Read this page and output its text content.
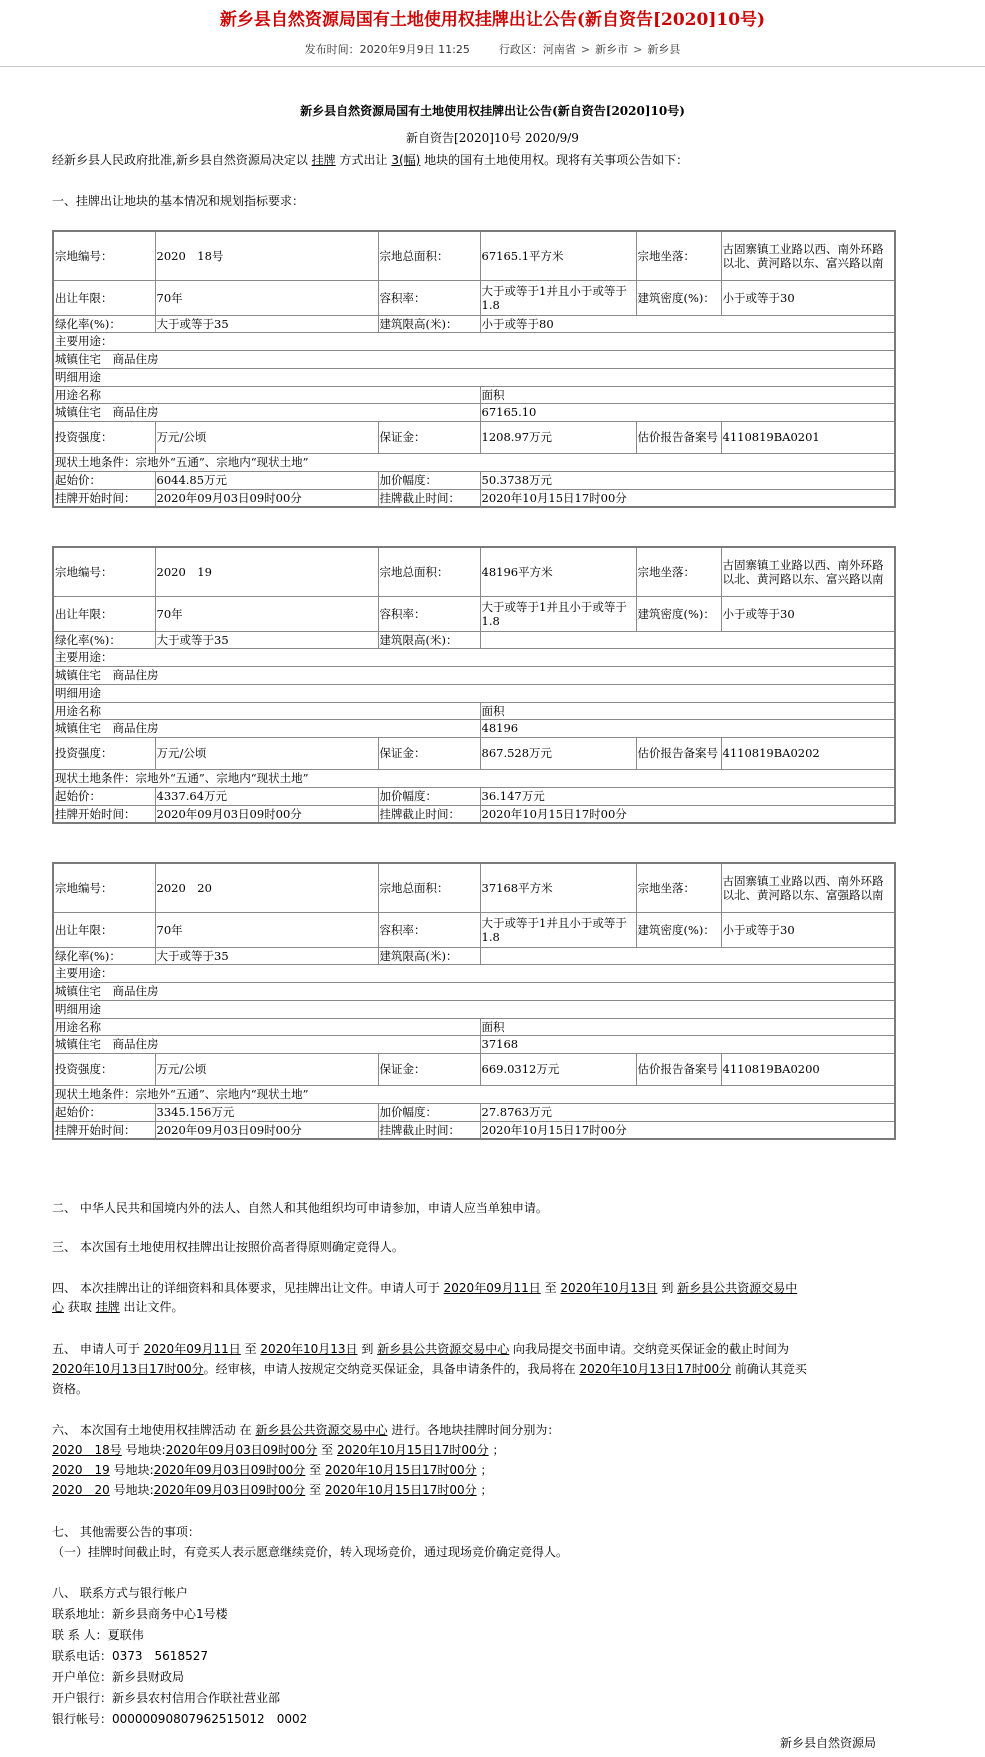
新乡县自然资源局国有土地使用权挂牌出让公告(新自资告[2020]10号)
发布时间：2020年9月9日 11:25	行政区：河南省 > 新乡市 > 新乡县
新乡县自然资源局国有土地使用权挂牌出让公告(新自资告[2020]10号)
新自资告[2020]10号 2020/9/9
经新乡县人民政府批准,新乡县自然资源局决定以 挂牌 方式出让 3(幅) 地块的国有土地使用权。现将有关事项公告如下：
一、挂牌出让地块的基本情况和规划指标要求：
宗地编号：	2020　18号	宗地总面积：	67165.1平方米	宗地坐落：	古固寨镇工业路以西、南外环路以北、黄河路以东、富兴路以南
出让年限：	70年	容积率：	大于或等于1并且小于或等于1.8	建筑密度(%)：	小于或等于30
绿化率(%)：	大于或等于35	建筑限高(米)：	小于或等于80		
主要用途：					
城镇住宅　商品住房					
明细用途					
用途名称			面积		
城镇住宅　商品住房			67165.10		
投资强度：	万元/公顷	保证金：	1208.97万元	估价报告备案号	4110819BA0201
现状土地条件：宗地外“五通”、宗地内“现状土地”					
起始价：	6044.85万元	加价幅度：	50.3738万元		
挂牌开始时间：	2020年09月03日09时00分	挂牌截止时间：	2020年10月15日17时00分		
宗地编号：	2020　19	宗地总面积：	48196平方米	宗地坐落：	古固寨镇工业路以西、南外环路以北、黄河路以东、富兴路以南
出让年限：	70年	容积率：	大于或等于1并且小于或等于1.8	建筑密度(%)：	小于或等于30
绿化率(%)：	大于或等于35	建筑限高(米)：			
主要用途：					
城镇住宅　商品住房					
明细用途					
用途名称			面积		
城镇住宅　商品住房			48196		
投资强度：	万元/公顷	保证金：	867.528万元	估价报告备案号	4110819BA0202
现状土地条件：宗地外“五通”、宗地内“现状土地”					
起始价：	4337.64万元	加价幅度：	36.147万元		
挂牌开始时间：	2020年09月03日09时00分	挂牌截止时间：	2020年10月15日17时00分		
宗地编号：	2020　20	宗地总面积：	37168平方米	宗地坐落：	古固寨镇工业路以西、南外环路以北、黄河路以东、富强路以南
出让年限：	70年	容积率：	大于或等于1并且小于或等于1.8	建筑密度(%)：	小于或等于30
绿化率(%)：	大于或等于35	建筑限高(米)：			
主要用途：					
城镇住宅　商品住房					
明细用途					
用途名称			面积		
城镇住宅　商品住房			37168		
投资强度：	万元/公顷	保证金：	669.0312万元	估价报告备案号	4110819BA0200
现状土地条件：宗地外“五通”、宗地内“现状土地”					
起始价：	3345.156万元	加价幅度：	27.8763万元		
挂牌开始时间：	2020年09月03日09时00分	挂牌截止时间：	2020年10月15日17时00分		
二、 中华人民共和国境内外的法人、自然人和其他组织均可申请参加，申请人应当单独申请。
三、 本次国有土地使用权挂牌出让按照价高者得原则确定竞得人。
四、 本次挂牌出让的详细资料和具体要求，见挂牌出让文件。申请人可于 2020年09月11日 至 2020年10月13日 到 新乡县公共资源交易中
心 获取 挂牌 出让文件。
五、 申请人可于 2020年09月11日 至 2020年10月13日 到 新乡县公共资源交易中心 向我局提交书面申请。交纳竞买保证金的截止时间为
2020年10月13日17时00分。经审核，申请人按规定交纳竞买保证金，具备申请条件的，我局将在 2020年10月13日17时00分 前确认其竞买
资格。
六、 本次国有土地使用权挂牌活动 在 新乡县公共资源交易中心 进行。各地块挂牌时间分别为：
2020　18号 号地块:2020年09月03日09时00分 至 2020年10月15日17时00分 ；
2020　19 号地块:2020年09月03日09时00分 至 2020年10月15日17时00分 ；
2020　20 号地块:2020年09月03日09时00分 至 2020年10月15日17时00分 ；
七、 其他需要公告的事项：
（一）挂牌时间截止时，有竞买人表示愿意继续竞价，转入现场竞价，通过现场竞价确定竞得人。
八、 联系方式与银行帐户
联系地址：新乡县商务中心1号楼
联 系 人：夏联伟
联系电话：0373　5618527
开户单位：新乡县财政局
开户银行：新乡县农村信用合作联社营业部
银行帐号：00000090807962515012　0002
新乡县自然资源局
